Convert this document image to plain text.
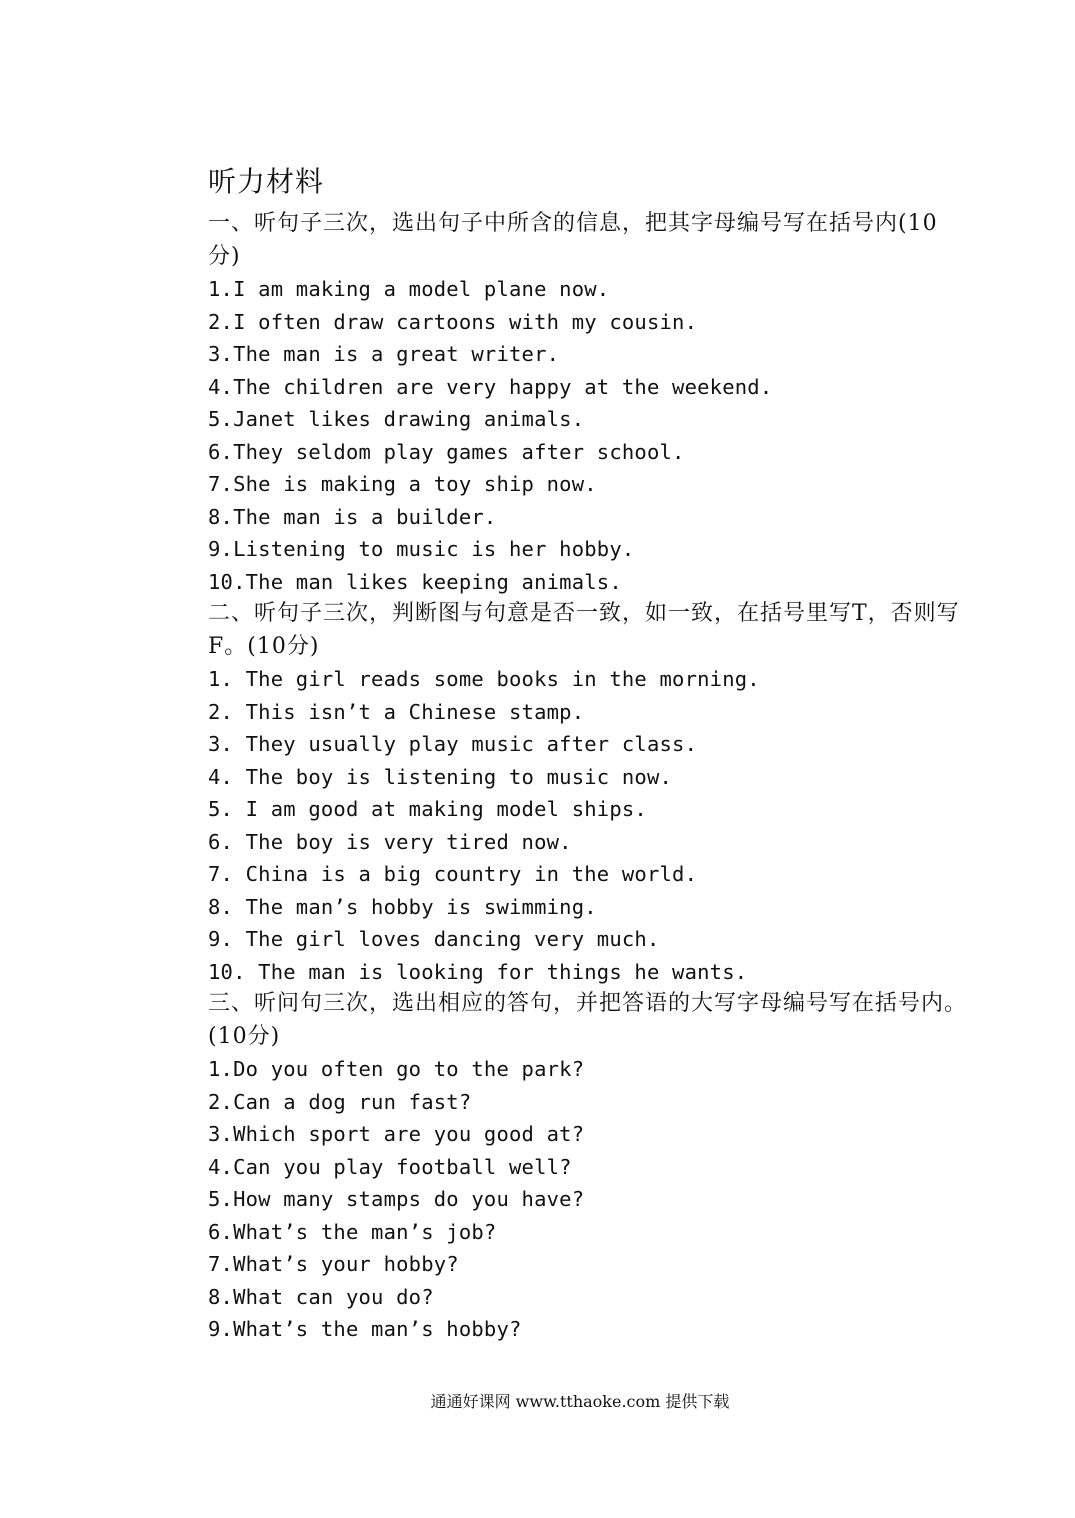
听力材料

一、听句子三次，选出句子中所含的信息，把其字母编号写在括号内(10分)

1.I am making a model plane now.
2.I often draw cartoons with my cousin.
3.The man is a great writer.
4.The children are very happy at the weekend.
5.Janet likes drawing animals.
6.They seldom play games after school.
7.She is making a toy ship now.
8.The man is a builder.
9.Listening to music is her hobby.
10.The man likes keeping animals.

二、听句子三次，判断图与句意是否一致，如一致，在括号里写T，否则写F。(10分)

1. The girl reads some books in the morning.
2. This isn’t a Chinese stamp.
3. They usually play music after class.
4. The boy is listening to music now.
5. I am good at making model ships.
6. The boy is very tired now.
7. China is a big country in the world.
8. The man’s hobby is swimming.
9. The girl loves dancing very much.
10. The man is looking for things he wants.

三、听问句三次，选出相应的答句，并把答语的大写字母编号写在括号内。(10分)

1.Do you often go to the park?
2.Can a dog run fast?
3.Which sport are you good at?
4.Can you play football well?
5.How many stamps do you have?
6.What’s the man’s job?
7.What’s your hobby?
8.What can you do?
9.What’s the man’s hobby?
通通好课网 www.tthaoke.com 提供下载
